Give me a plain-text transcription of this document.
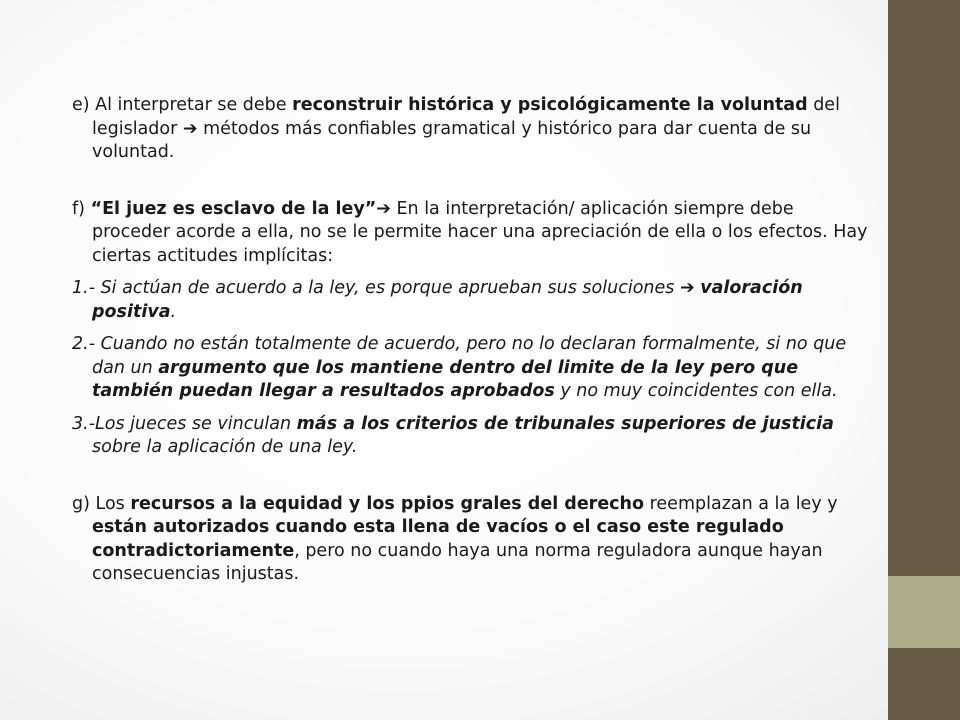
e) Al interpretar se debe reconstruir histórica y psicológicamente la voluntad del legislador ➔ métodos más confiables gramatical y histórico para dar cuenta de su voluntad.

f) “El juez es esclavo de la ley”➔ En la interpretación/ aplicación siempre debe proceder acorde a ella, no se le permite hacer una apreciación de ella o los efectos. Hay ciertas actitudes implícitas:

1.- Si actúan de acuerdo a la ley, es porque aprueban sus soluciones ➔ valoración positiva.

2.- Cuando no están totalmente de acuerdo, pero no lo declaran formalmente, si no que dan un argumento que los mantiene dentro del limite de la ley pero que también puedan llegar a resultados aprobados y no muy coincidentes con ella.

3.-Los jueces se vinculan más a los criterios de tribunales superiores de justicia sobre la aplicación de una ley.

g) Los recursos a la equidad y los ppios grales del derecho reemplazan a la ley y están autorizados cuando esta llena de vacíos o el caso este regulado contradictoriamente, pero no cuando haya una norma reguladora aunque hayan consecuencias injustas.
